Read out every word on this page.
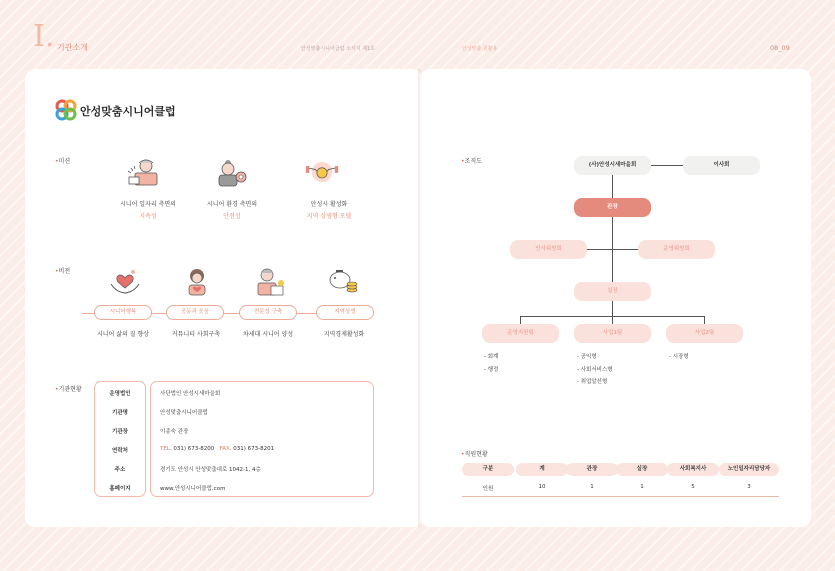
I. 기관소개	안성맞춤시니어클럽 소식지 제1호	안성맞춤 원활용	08_09
안성맞춤시니어클럽
•미션
시니어 일자리 측면의
지속성
시니어 환경 측면의
안전성
안성시 활성화
지역 상생형 모델
•비전
시니어행복
시니어 삶의 질 향상
공동과 웃음
커뮤니티 사회구축
전문성 구축
차세대 시니어 양성
지역상생
지역경제활성화
•기관현황
운영법인	사단법인 안성시새마을회
기관명	안성맞춤시니어클럽
기관장	이종숙 관장
연락처	TEL. 031) 673-8200 FAX. 031) 673-8201
주소	경기도 안성시 안성맞춤대로 1042-1, 4층
홈페이지	www.안성시니어클럽.com
•조직도	(사)안성시새마을회	이사회
관장
인사위원회	운영위원회
실장
운영지원팀	사업1팀	사업2팀
- 회계
- 행정
- 공익형
- 사회서비스형
- 취업알선형
- 시장형
•직원현황
구분	계	관장	실장	사회복지사	노인일자리담당자
인원	10	1	1	5	3
